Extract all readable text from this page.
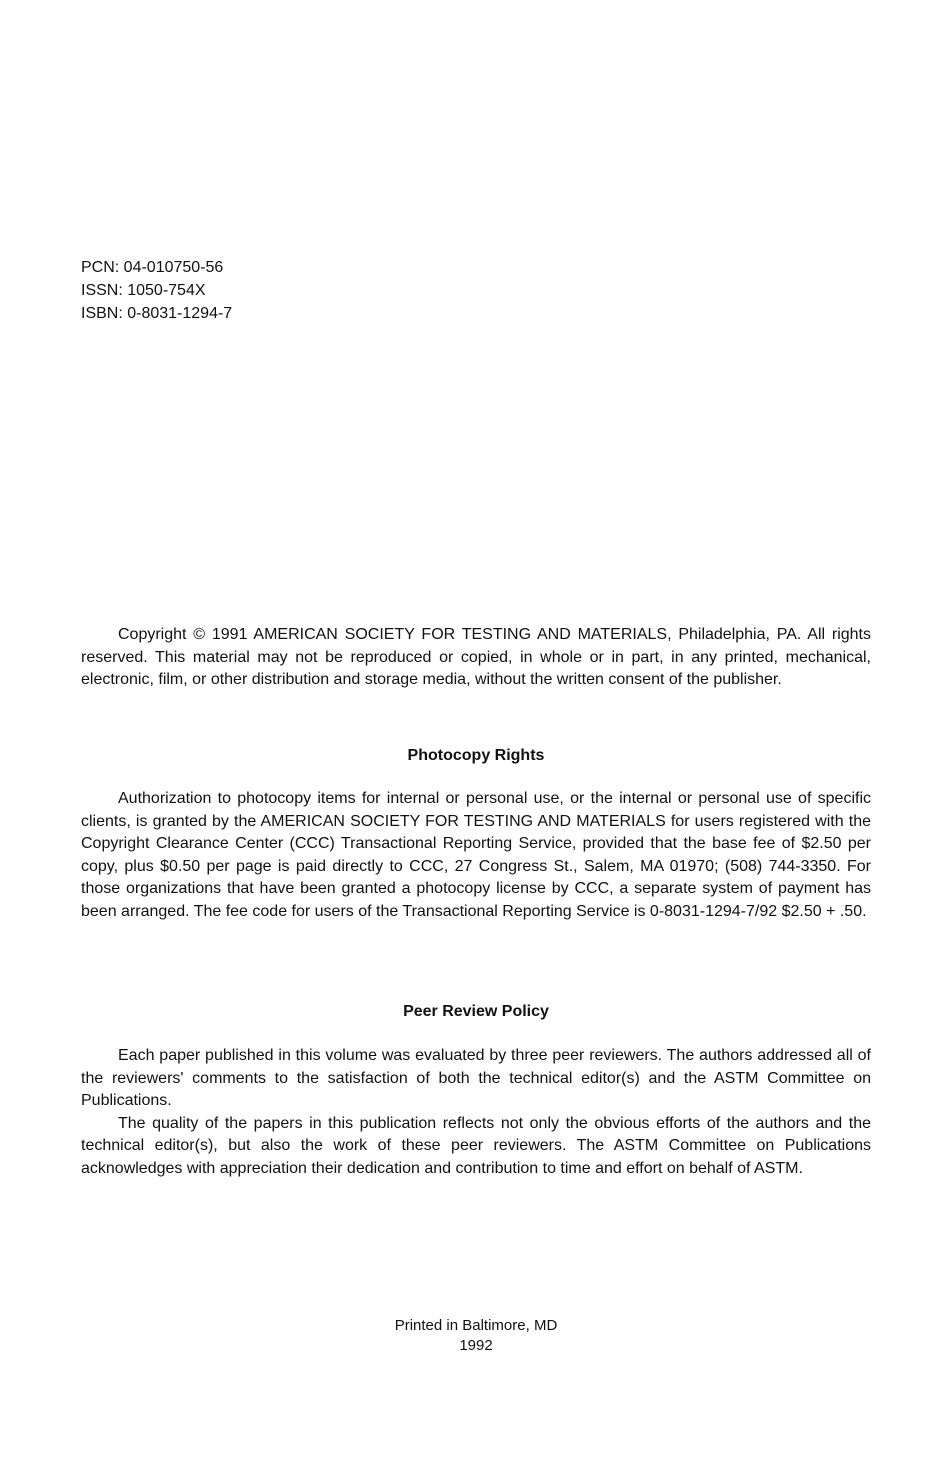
PCN: 04-010750-56
ISSN: 1050-754X
ISBN: 0-8031-1294-7

Copyright © 1991 AMERICAN SOCIETY FOR TESTING AND MATERIALS, Philadelphia, PA. All rights reserved. This material may not be reproduced or copied, in whole or in part, in any printed, mechanical, electronic, film, or other distribution and storage media, without the written consent of the publisher.

Photocopy Rights

Authorization to photocopy items for internal or personal use, or the internal or personal use of specific clients, is granted by the AMERICAN SOCIETY FOR TESTING AND MATERIALS for users registered with the Copyright Clearance Center (CCC) Transactional Reporting Service, provided that the base fee of $2.50 per copy, plus $0.50 per page is paid directly to CCC, 27 Congress St., Salem, MA 01970; (508) 744-3350. For those organizations that have been granted a photocopy license by CCC, a separate system of payment has been arranged. The fee code for users of the Transactional Reporting Service is 0-8031-1294-7/92 $2.50 + .50.

Peer Review Policy

Each paper published in this volume was evaluated by three peer reviewers. The authors addressed all of the reviewers' comments to the satisfaction of both the technical editor(s) and the ASTM Committee on Publications.

The quality of the papers in this publication reflects not only the obvious efforts of the authors and the technical editor(s), but also the work of these peer reviewers. The ASTM Committee on Publications acknowledges with appreciation their dedication and contribution to time and effort on behalf of ASTM.

Printed in Baltimore, MD
1992
